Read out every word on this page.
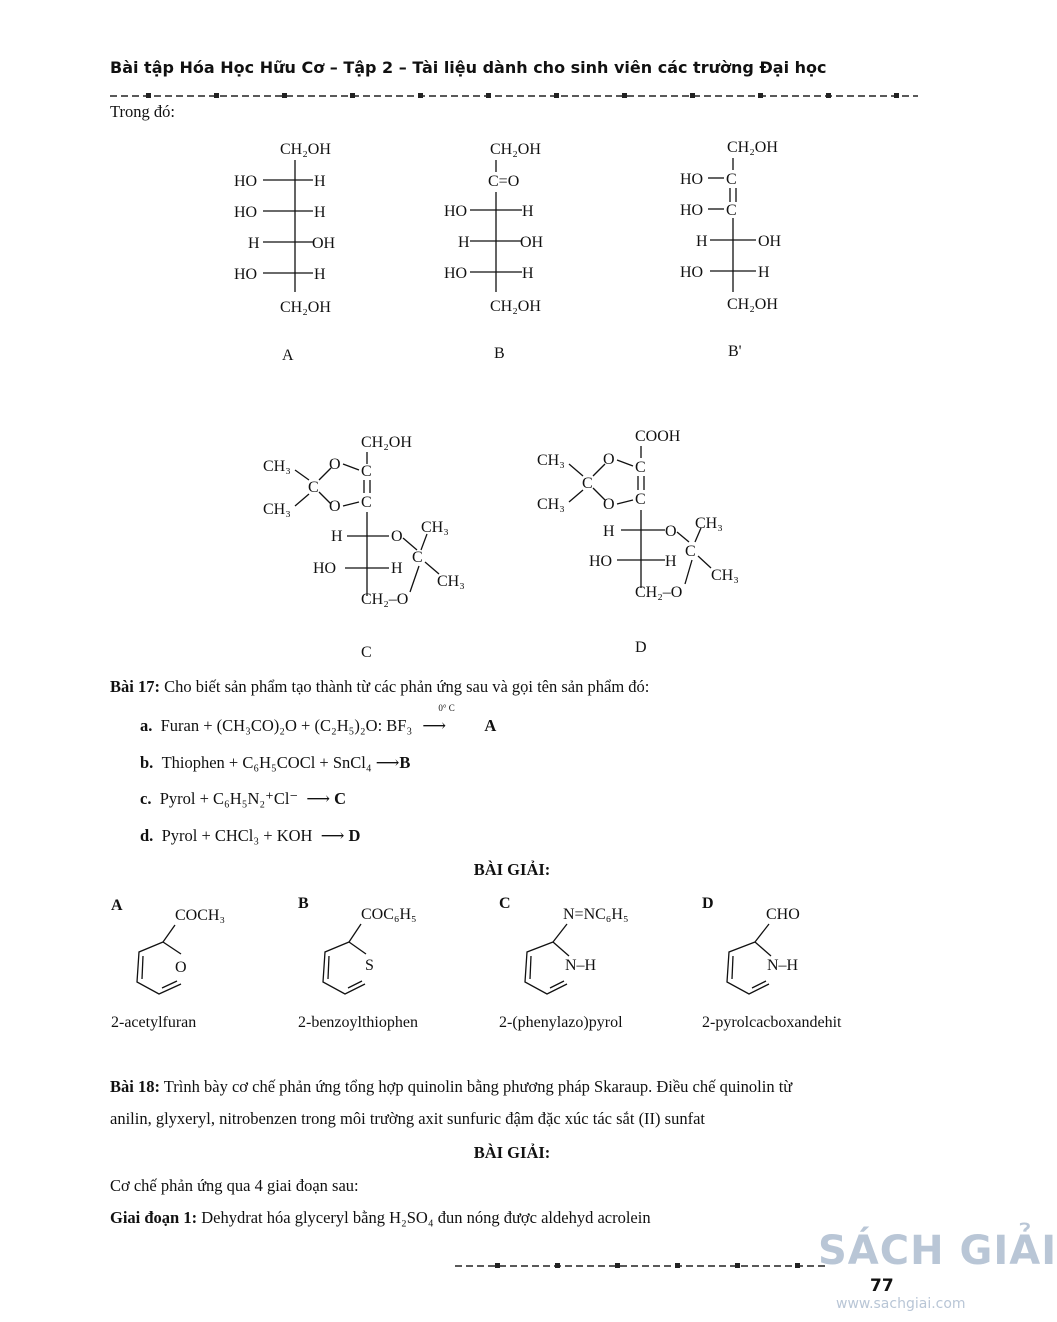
Bài tập Hóa Học Hữu Cơ – Tập 2 – Tài liệu dành cho sinh viên các trường Đại học
Trong đó:
CH₂OH
HO	H
HO	H
H	OH
HO	H
CH₂OH
A
CH₂OH
C=O
HO	H
H	OH
HO	H
CH₂OH
B
CH₂OH
HO C
HO C
H	OH
HO	H
CH₂OH
B'
CH₂OH
C
C
O
O
C
CH₃
CH₃
H	O
C
CH₃
CH₃
HO	H
CH₂–O
C
COOH
C
C
O
O
C
CH₃
CH₃
H	O
C
CH₃
CH₃
HO	H
CH₂–O
D
Bài 17: Cho biết sản phẩm tạo thành từ các phản ứng sau và gọi tên sản phẩm đó:
a. Furan + (CH₃CO)₂O + (C₂H₅)₂O: BF₃
0° C
⟶ A
b. Thiophen + C₆H₅COCl + SnCl₄ ⟶B
c. Pyrol + C₆H₅N₂⁺Cl⁻  ⟶ C
d. Pyrol + CHCl₃ + KOH  ⟶ D
BÀI GIẢI:
A
COCH₃
O
2-acetylfuran
B
COC₆H₅
S
2-benzoylthiophen
C
N=NC₆H₅
N–H
2-(phenylazo)pyrol
D
CHO
N–H
2-pyrolcacboxandehit
Bài 18: Trình bày cơ chế phản ứng tổng hợp quinolin bằng phương pháp Skaraup. Điều chế quinolin từ
anilin, glyxeryl, nitrobenzen trong môi trường axit sunfuric đậm đặc xúc tác sắt (II) sunfat
BÀI GIẢI:
Cơ chế phản ứng qua 4 giai đoạn sau:
Giai đoạn 1: Dehydrat hóa glyceryl bằng H₂SO₄ đun nóng được aldehyd acrolein
SÁCH GIẢI
77
www.sachgiai.com
